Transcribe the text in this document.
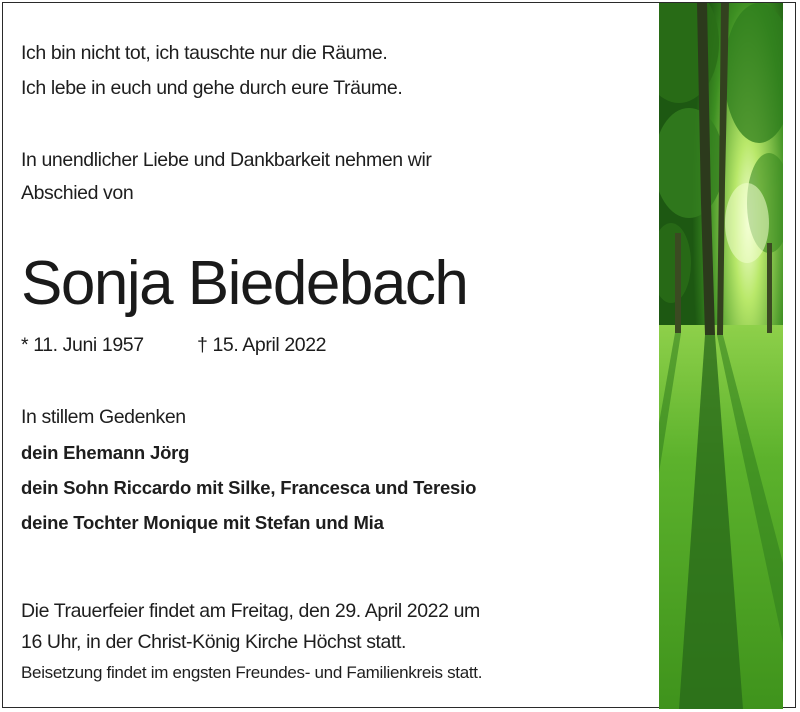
Ich bin nicht tot, ich tauschte nur die Räume.
Ich lebe in euch und gehe durch eure Träume.
In unendlicher Liebe und Dankbarkeit nehmen wir
Abschied von
Sonja Biedebach
* 11. Juni 1957	† 15. April 2022
In stillem Gedenken
dein Ehemann Jörg
dein Sohn Riccardo mit Silke, Francesca und Teresio
deine Tochter Monique mit Stefan und Mia
Die Trauerfeier findet am Freitag, den 29. April 2022 um
16 Uhr, in der Christ-König Kirche Höchst statt.
Beisetzung findet im engsten Freundes- und Familienkreis statt.
